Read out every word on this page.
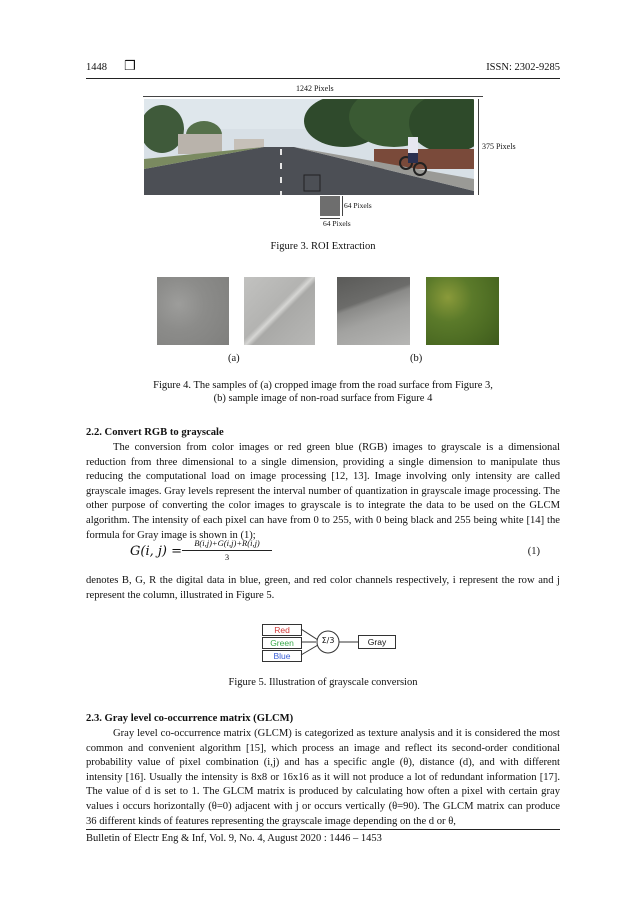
1448 ❒	ISSN: 2302-9285
1242 Pixels
375 Pixels
64 Pixels
64 Pixels
Figure 3. ROI Extraction
(a)	(b)
Figure 4. The samples of (a) cropped image from the road surface from Figure 3,
(b) sample image of non-road surface from Figure 4
2.2. Convert RGB to grayscale
The conversion from color images or red green blue (RGB) images to grayscale is a dimensional reduction from three dimensional to a single dimension, providing a single dimension to manipulate thus reducing the computational load on image processing [12, 13]. Image involving only intensity are called grayscale images. Gray levels represent the interval number of quantization in grayscale image processing. The other purpose of converting the color images to grayscale is to integrate the data to be used on the GLCM algorithm. The intensity of each pixel can have from 0 to 255, with 0 being black and 255 being white [14] the formula for Gray image is shown in (1);
G(i, j) =
B(i,j)+G(i,j)+R(i,j)
3	(1)
denotes B, G, R the digital data in blue, green, and red color channels respectively, i represent the row and j represent the column, illustrated in Figure 5.
Red
Green
Blue
Σ/3	Gray
Figure 5. Illustration of grayscale conversion
2.3. Gray level co-occurrence matrix (GLCM)
Gray level co-occurrence matrix (GLCM) is categorized as texture analysis and it is considered the most common and convenient algorithm [15], which process an image and reflect its second-order conditional probability value of pixel combination (i,j) and has a specific angle (θ), distance (d), and with different intensity [16]. Usually the intensity is 8x8 or 16x16 as it will not produce a lot of redundant information [17]. The value of d is set to 1. The GLCM matrix is produced by calculating how often a pixel with certain gray values i occurs horizontally (θ=0) adjacent with j or occurs vertically (θ=90). The GLCM matrix can produce 36 different kinds of features representing the grayscale image depending on the d or θ,
Bulletin of Electr Eng & Inf, Vol. 9, No. 4, August 2020 : 1446 – 1453
